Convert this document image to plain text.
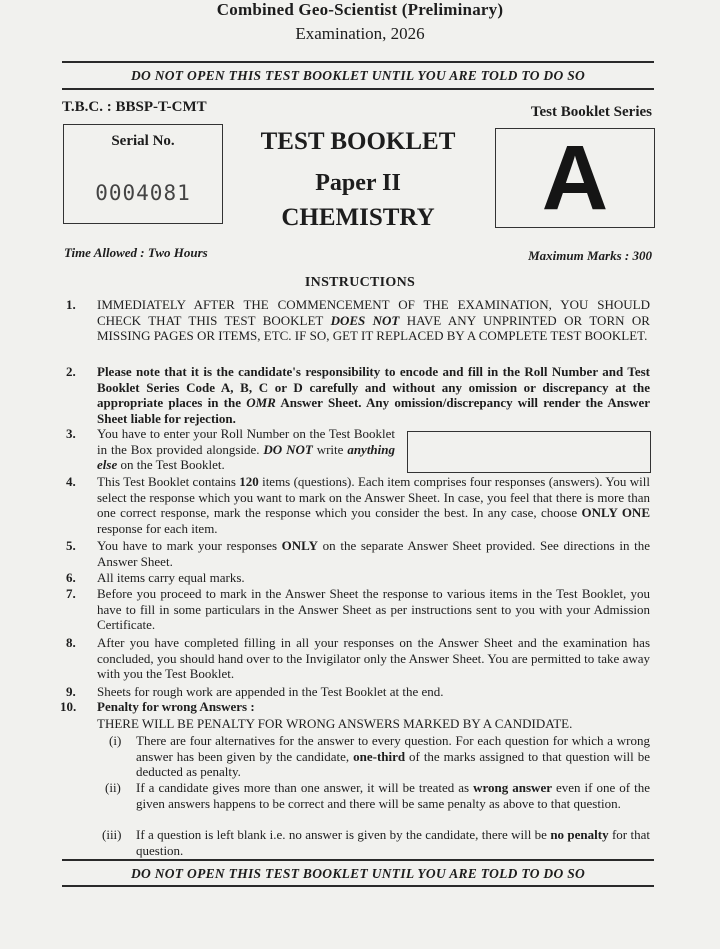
Combined Geo-Scientist (Preliminary)
Examination, 2026
DO NOT OPEN THIS TEST BOOKLET UNTIL YOU ARE TOLD TO DO SO
T.B.C. : BBSP-T-CMT	Test Booklet Series
Serial No.
0004081
TEST BOOKLET
Paper II
CHEMISTRY	A
Time Allowed : Two Hours	Maximum Marks : 300
INSTRUCTIONS
1. IMMEDIATELY AFTER THE COMMENCEMENT OF THE EXAMINATION, YOU SHOULD CHECK THAT THIS TEST BOOKLET DOES NOT HAVE ANY UNPRINTED OR TORN OR MISSING PAGES OR ITEMS, ETC. IF SO, GET IT REPLACED BY A COMPLETE TEST BOOKLET.
2. Please note that it is the candidate's responsibility to encode and fill in the Roll Number and Test Booklet Series Code A, B, C or D carefully and without any omission or discrepancy at the appropriate places in the OMR Answer Sheet. Any omission/discrepancy will render the Answer Sheet liable for rejection.
3. You have to enter your Roll Number on the Test Booklet in the Box provided alongside. DO NOT write anything else on the Test Booklet.
4. This Test Booklet contains 120 items (questions). Each item comprises four responses (answers). You will select the response which you want to mark on the Answer Sheet. In case, you feel that there is more than one correct response, mark the response which you consider the best. In any case, choose ONLY ONE response for each item.
5. You have to mark your responses ONLY on the separate Answer Sheet provided. See directions in the Answer Sheet.
6. All items carry equal marks.
7. Before you proceed to mark in the Answer Sheet the response to various items in the Test Booklet, you have to fill in some particulars in the Answer Sheet as per instructions sent to you with your Admission Certificate.
8. After you have completed filling in all your responses on the Answer Sheet and the examination has concluded, you should hand over to the Invigilator only the Answer Sheet. You are permitted to take away with you the Test Booklet.
9. Sheets for rough work are appended in the Test Booklet at the end.
10. Penalty for wrong Answers :
THERE WILL BE PENALTY FOR WRONG ANSWERS MARKED BY A CANDIDATE.
(i) There are four alternatives for the answer to every question. For each question for which a wrong answer has been given by the candidate, one-third of the marks assigned to that question will be deducted as penalty.
(ii) If a candidate gives more than one answer, it will be treated as wrong answer even if one of the given answers happens to be correct and there will be same penalty as above to that question.
(iii) If a question is left blank i.e. no answer is given by the candidate, there will be no penalty for that question.
DO NOT OPEN THIS TEST BOOKLET UNTIL YOU ARE TOLD TO DO SO
